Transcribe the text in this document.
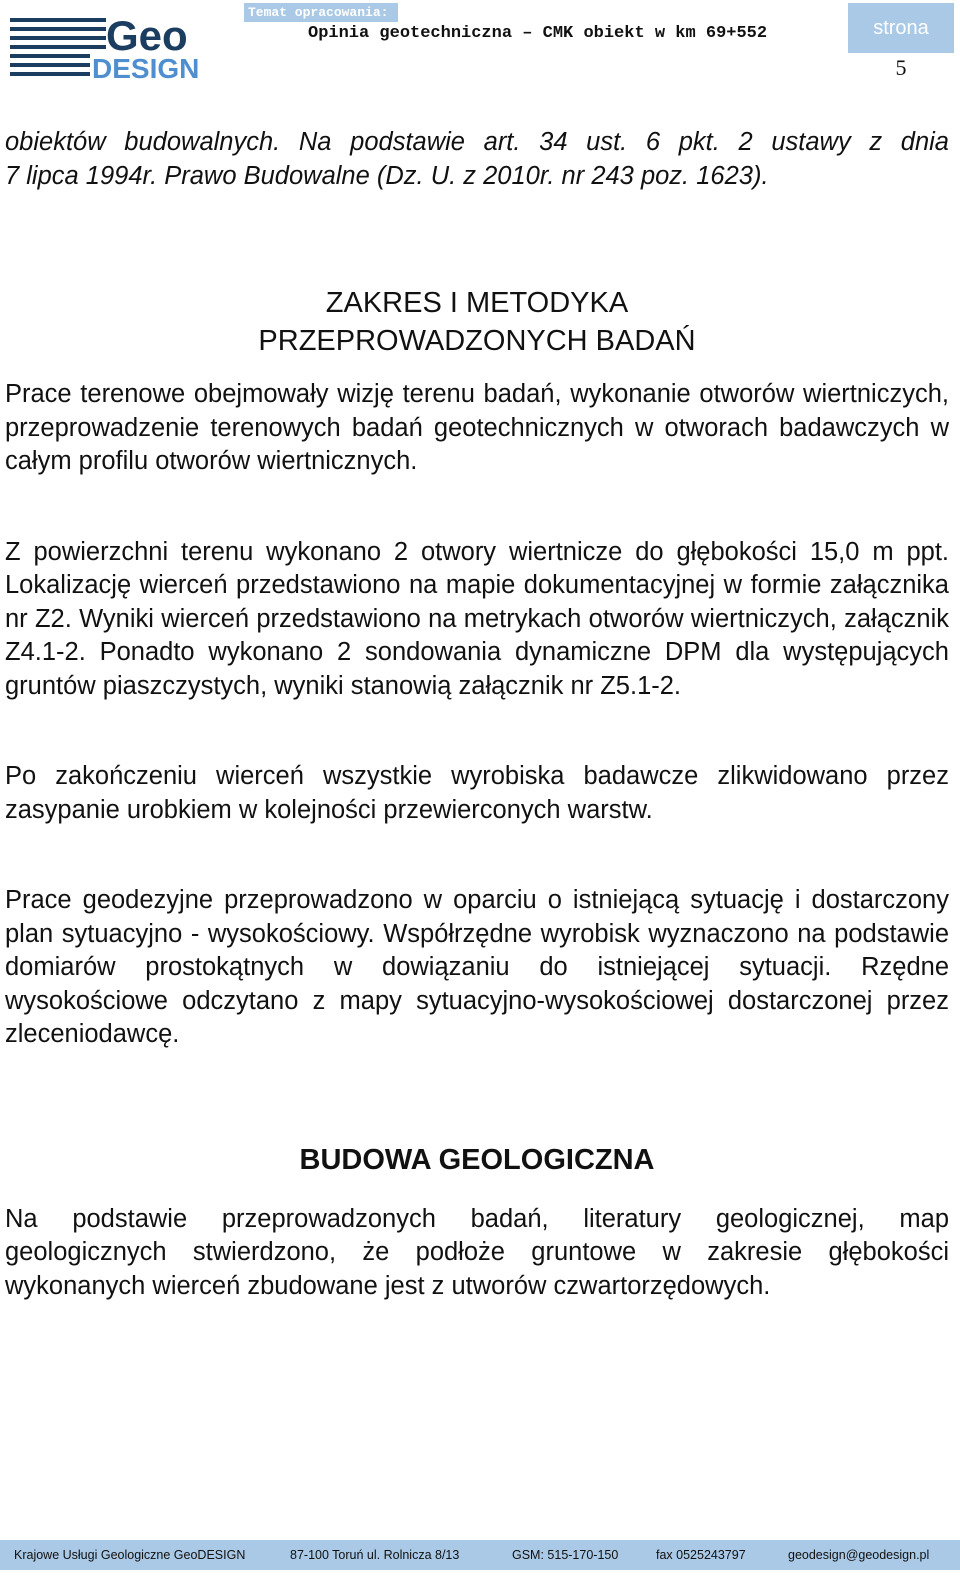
Geo
DESIGN
Temat opracowania:
Opinia geotechniczna – CMK obiekt w km 69+552	strona
5

obiektów budowalnych. Na podstawie art. 34 ust. 6 pkt. 2 ustawy z dnia

7 lipca 1994r. Prawo Budowalne (Dz. U. z 2010r. nr 243 poz. 1623).

ZAKRES I METODYKA
PRZEPROWADZONYCH BADAŃ

Prace terenowe obejmowały wizję terenu badań, wykonanie otworów wiertniczych, przeprowadzenie terenowych badań geotechnicznych w otworach badawczych w całym profilu otworów wiertnicznych.

Z powierzchni terenu wykonano 2 otwory wiertnicze do głębokości 15,0 m ppt. Lokalizację wierceń przedstawiono na mapie dokumentacyjnej w formie załącznika nr Z2. Wyniki wierceń przedstawiono na metrykach otworów wiertniczych, załącznik Z4.1-2. Ponadto wykonano 2 sondowania dynamiczne DPM dla występujących gruntów piaszczystych, wyniki stanowią załącznik nr Z5.1-2.

Po zakończeniu wierceń wszystkie wyrobiska badawcze zlikwidowano przez zasypanie urobkiem w kolejności przewierconych warstw.

Prace geodezyjne przeprowadzono w oparciu o istniejącą sytuację i dostarczony plan sytuacyjno - wysokościowy. Współrzędne wyrobisk wyznaczono na podstawie domiarów prostokątnych w dowiązaniu do istniejącej sytuacji. Rzędne wysokościowe odczytano z mapy sytuacyjno-wysokościowej dostarczonej przez zleceniodawcę.

BUDOWA GEOLOGICZNA

Na podstawie przeprowadzonych badań, literatury geologicznej, map geologicznych stwierdzono, że podłoże gruntowe w zakresie głębokości wykonanych wierceń zbudowane jest z utworów czwartorzędowych.

Krajowe Usługi Geologiczne GeoDESIGN	87-100 Toruń ul. Rolnicza 8/13	GSM: 515-170-150	fax 0525243797	geodesign@geodesign.pl
